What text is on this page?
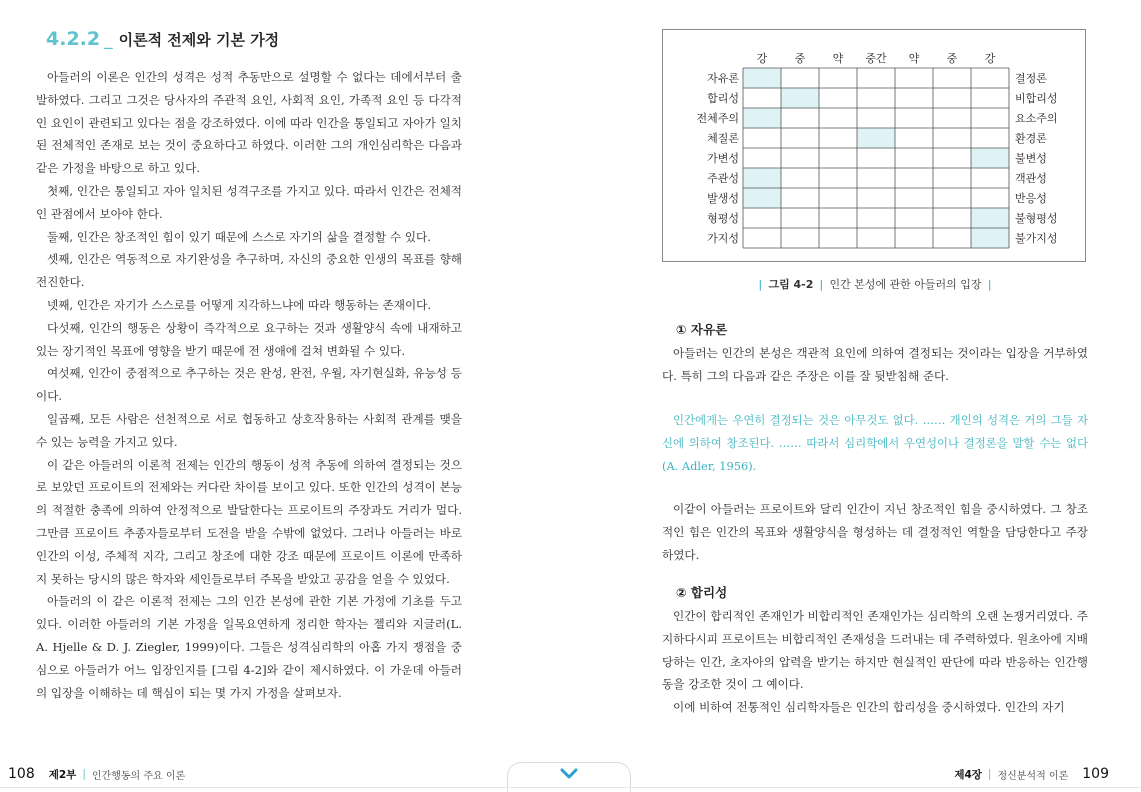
4.2.2 _ 이론적 전제와 기본 가정

아들러의 이론은 인간의 성격은 성적 추동만으로 설명할 수 없다는 데에서부터 출발하였다. 그리고 그것은 당사자의 주관적 요인, 사회적 요인, 가족적 요인 등 다각적인 요인이 관련되고 있다는 점을 강조하였다. 이에 따라 인간을 통일되고 자아가 일치된 전체적인 존재로 보는 것이 중요하다고 하였다. 이러한 그의 개인심리학은 다음과 같은 가정을 바탕으로 하고 있다.

첫째, 인간은 통일되고 자아 일치된 성격구조를 가지고 있다. 따라서 인간은 전체적인 관점에서 보아야 한다.

둘째, 인간은 창조적인 힘이 있기 때문에 스스로 자기의 삶을 결정할 수 있다.

셋째, 인간은 역동적으로 자기완성을 추구하며, 자신의 중요한 인생의 목표를 향해 전진한다.

넷째, 인간은 자기가 스스로를 어떻게 지각하느냐에 따라 행동하는 존재이다.

다섯째, 인간의 행동은 상황이 즉각적으로 요구하는 것과 생활양식 속에 내재하고 있는 장기적인 목표에 영향을 받기 때문에 전 생애에 걸쳐 변화될 수 있다.

여섯째, 인간이 중점적으로 추구하는 것은 완성, 완전, 우월, 자기현실화, 유능성 등이다.

일곱째, 모든 사람은 선천적으로 서로 협동하고 상호작용하는 사회적 관계를 맺을 수 있는 능력을 가지고 있다.

이 같은 아들러의 이론적 전제는 인간의 행동이 성적 추동에 의하여 결정되는 것으로 보았던 프로이트의 전제와는 커다란 차이를 보이고 있다. 또한 인간의 성격이 본능의 적절한 충족에 의하여 안정적으로 발달한다는 프로이트의 주장과도 거리가 멀다. 그만큼 프로이트 추종자들로부터 도전을 받을 수밖에 없었다. 그러나 아들러는 바로 인간의 이성, 주체적 지각, 그리고 창조에 대한 강조 때문에 프로이트 이론에 만족하지 못하는 당시의 많은 학자와 세인들로부터 주목을 받았고 공감을 얻을 수 있었다.

아들러의 이 같은 이론적 전제는 그의 인간 본성에 관한 기본 가정에 기초를 두고 있다. 이러한 아들러의 기본 가정을 일목요연하게 정리한 학자는 젤리와 지글러(L. A. Hjelle & D. J. Ziegler, 1999)이다. 그들은 성격심리학의 아홉 가지 쟁점을 중심으로 아들러가 어느 입장인지를 [그림 4-2]와 같이 제시하였다. 이 가운데 아들러의 입장을 이해하는 데 핵심이 되는 몇 가지 가정을 살펴보자.

강 중 약 중간 약 중 강
자유론	결정론
합리성	비합리성
전체주의	요소주의
체질론	환경론
가변성	불변성
주관성	객관성
발생성	반응성
형평성	불형평성
가지성	불가지성
| 그림 4-2 | 인간 본성에 관한 아들러의 입장 |
① 자유론

아들러는 인간의 본성은 객관적 요인에 의하여 결정되는 것이라는 입장을 거부하였다. 특히 그의 다음과 같은 주장은 이를 잘 뒷받침해 준다.

인간에게는 우연히 결정되는 것은 아무것도 없다. …… 개인의 성격은 거의 그들 자신에 의하여 창조된다. …… 따라서 심리학에서 우연성이나 결정론을 말할 수는 없다(A. Adler, 1956).

이같이 아들러는 프로이트와 달리 인간이 지닌 창조적인 힘을 중시하였다. 그 창조적인 힘은 인간의 목표와 생활양식을 형성하는 데 결정적인 역할을 담당한다고 주장하였다.

② 합리성

인간이 합리적인 존재인가 비합리적인 존재인가는 심리학의 오랜 논쟁거리였다. 주지하다시피 프로이트는 비합리적인 존재성을 드러내는 데 주력하였다. 원초아에 지배당하는 인간, 초자아의 압력을 받기는 하지만 현실적인 판단에 따라 반응하는 인간행동을 강조한 것이 그 예이다.

이에 비하여 전통적인 심리학자들은 인간의 합리성을 중시하였다. 인간의 자기

108 제2부 | 인간행동의 주요 이론	제4장 | 정신분석적 이론 109
